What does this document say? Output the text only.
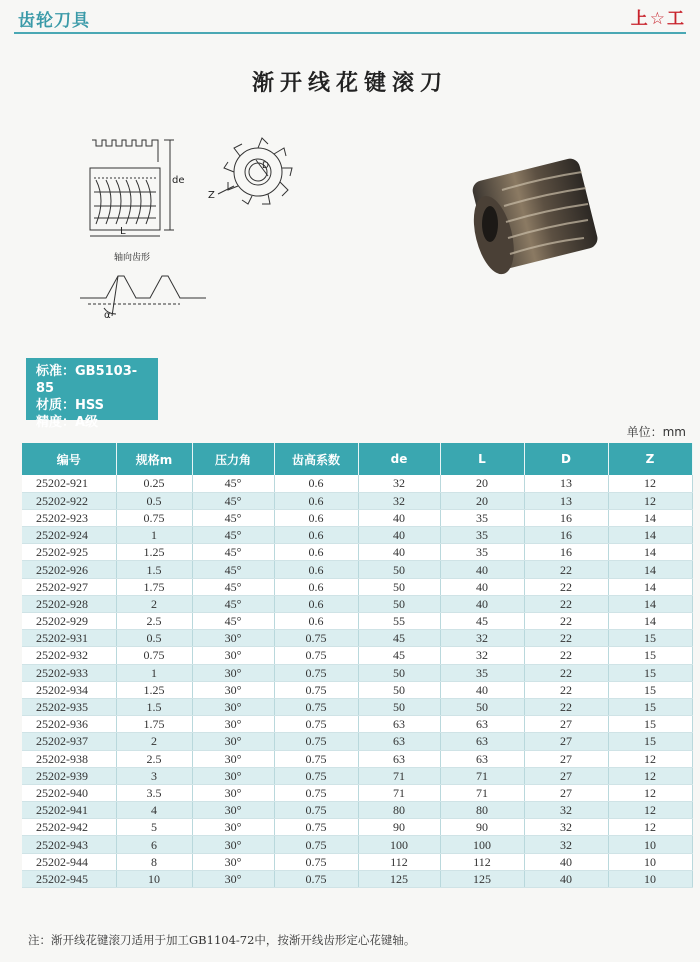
齿轮刀具	上☆工
渐开线花键滚刀
de
L
轴向齿形
D
Z
α
标准：GB5103-85
材质：HSS
精度：A级
单位：mm
编号	规格m	压力角	齿高系数	de	L	D	Z
25202-921	0.25	45°	0.6	32	20	13	12
25202-922	0.5	45°	0.6	32	20	13	12
25202-923	0.75	45°	0.6	40	35	16	14
25202-924	1	45°	0.6	40	35	16	14
25202-925	1.25	45°	0.6	40	35	16	14
25202-926	1.5	45°	0.6	50	40	22	14
25202-927	1.75	45°	0.6	50	40	22	14
25202-928	2	45°	0.6	50	40	22	14
25202-929	2.5	45°	0.6	55	45	22	14
25202-931	0.5	30°	0.75	45	32	22	15
25202-932	0.75	30°	0.75	45	32	22	15
25202-933	1	30°	0.75	50	35	22	15
25202-934	1.25	30°	0.75	50	40	22	15
25202-935	1.5	30°	0.75	50	50	22	15
25202-936	1.75	30°	0.75	63	63	27	15
25202-937	2	30°	0.75	63	63	27	15
25202-938	2.5	30°	0.75	63	63	27	12
25202-939	3	30°	0.75	71	71	27	12
25202-940	3.5	30°	0.75	71	71	27	12
25202-941	4	30°	0.75	80	80	32	12
25202-942	5	30°	0.75	90	90	32	12
25202-943	6	30°	0.75	100	100	32	10
25202-944	8	30°	0.75	112	112	40	10
25202-945	10	30°	0.75	125	125	40	10
注：渐开线花键滚刀适用于加工GB1104-72中，按渐开线齿形定心花键轴。
